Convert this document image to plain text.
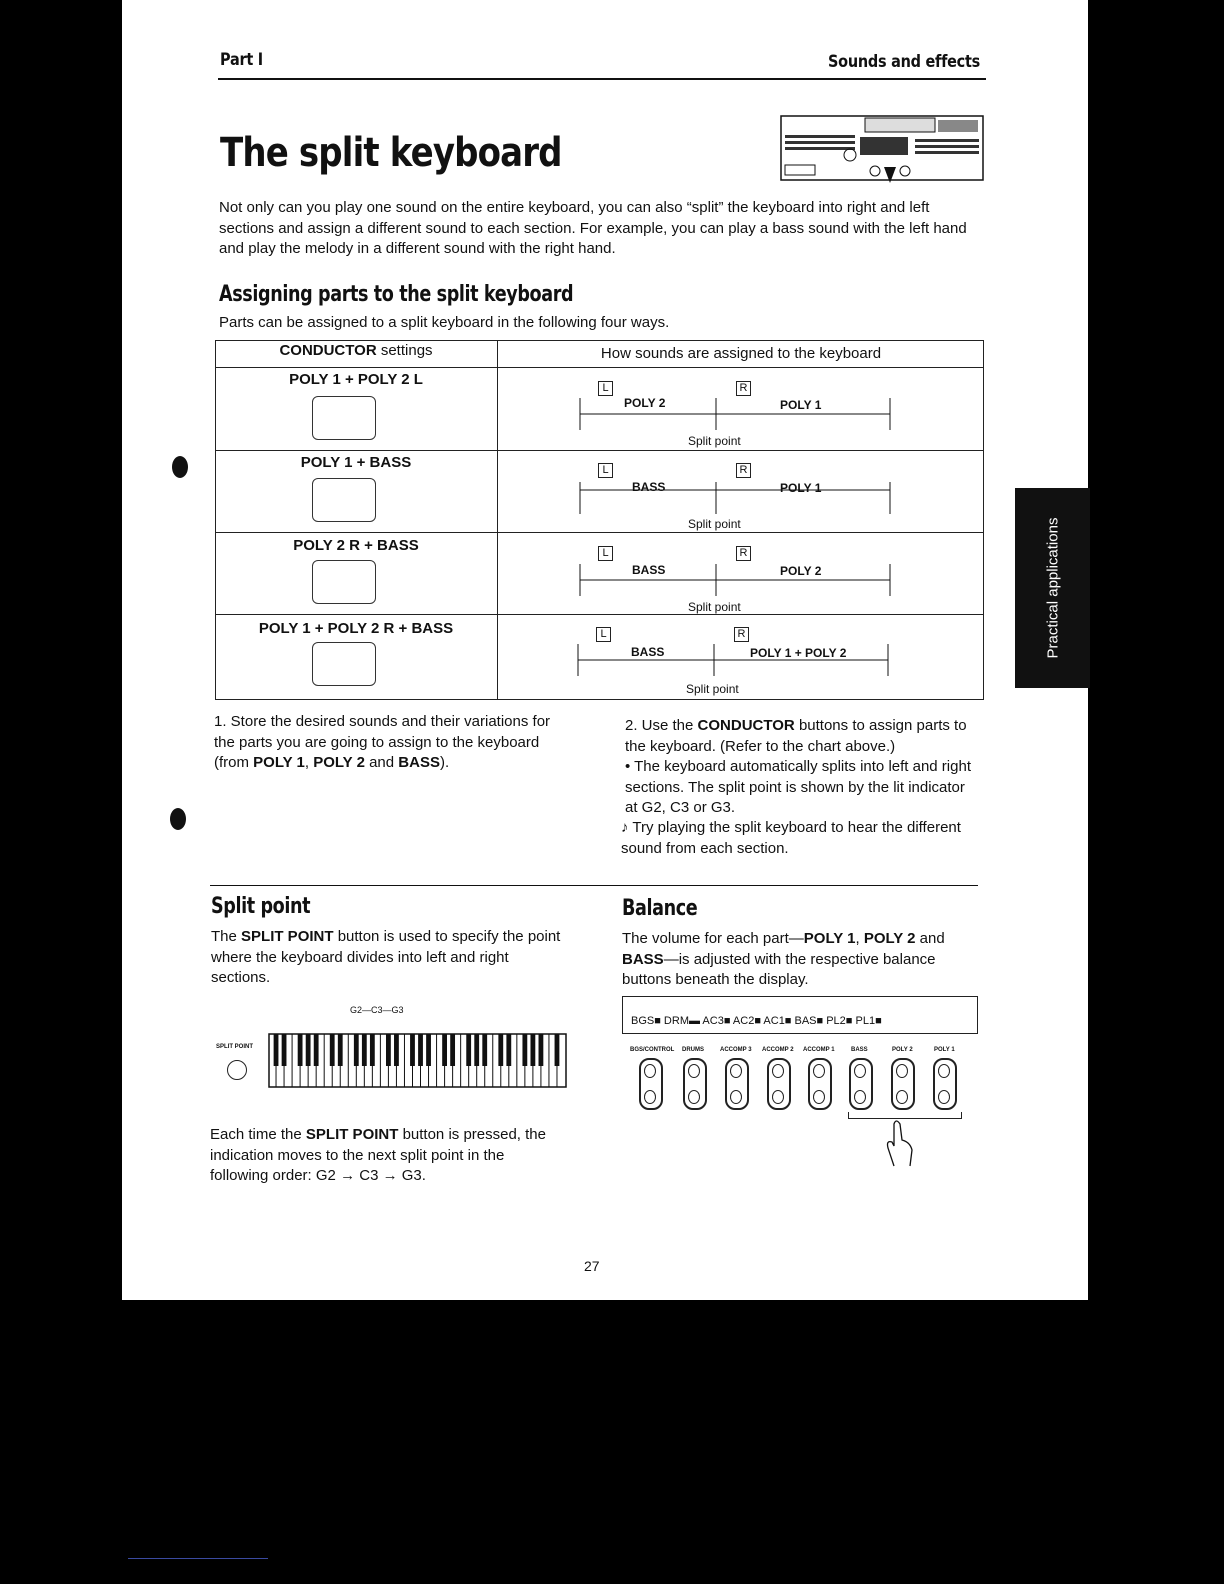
Part I	Sounds and effects
The split keyboard
Not only can you play one sound on the entire keyboard, you can also “split” the keyboard into right and left sections and assign a different sound to each section. For example, you can play a bass sound with the left hand and play the melody in a different sound with the right hand.
Assigning parts to the split keyboard
Parts can be assigned to a split keyboard in the following four ways.
CONDUCTOR settings	How sounds are assigned to the keyboard
POLY 1 + POLY 2 L	L	R
POLY 2	POLY 1
Split point
POLY 1 + BASS	L	R
BASS	POLY 1
Split point
POLY 2 R + BASS	L	R
BASS	POLY 2
Split point
POLY 1 + POLY 2 R + BASS	L	R
BASS	POLY 1 + POLY 2
Split point
1. Store the desired sounds and their variations for the parts you are going to assign to the keyboard (from POLY 1, POLY 2 and BASS).
2. Use the CONDUCTOR buttons to assign parts to the keyboard. (Refer to the chart above.)
• The keyboard automatically splits into left and right sections. The split point is shown by the lit indicator at G2, C3 or G3.
♪ Try playing the split keyboard to hear the different sound from each section.
Split point
The SPLIT POINT button is used to specify the point where the keyboard divides into left and right sections.
G2—C3—G3
SPLIT POINT
Each time the SPLIT POINT button is pressed, the indication moves to the next split point in the following order: G2 → C3 → G3.
Balance
The volume for each part—POLY 1, POLY 2 and BASS—is adjusted with the respective balance buttons beneath the display.
BGS■ DRM▬ AC3■ AC2■ AC1■ BAS■ PL2■ PL1■
BGS/CONTROL DRUMS	ACCOMP 3 ACCOMP 2 ACCOMP 1	BASS	POLY 2	POLY 1
27
Practical applications
